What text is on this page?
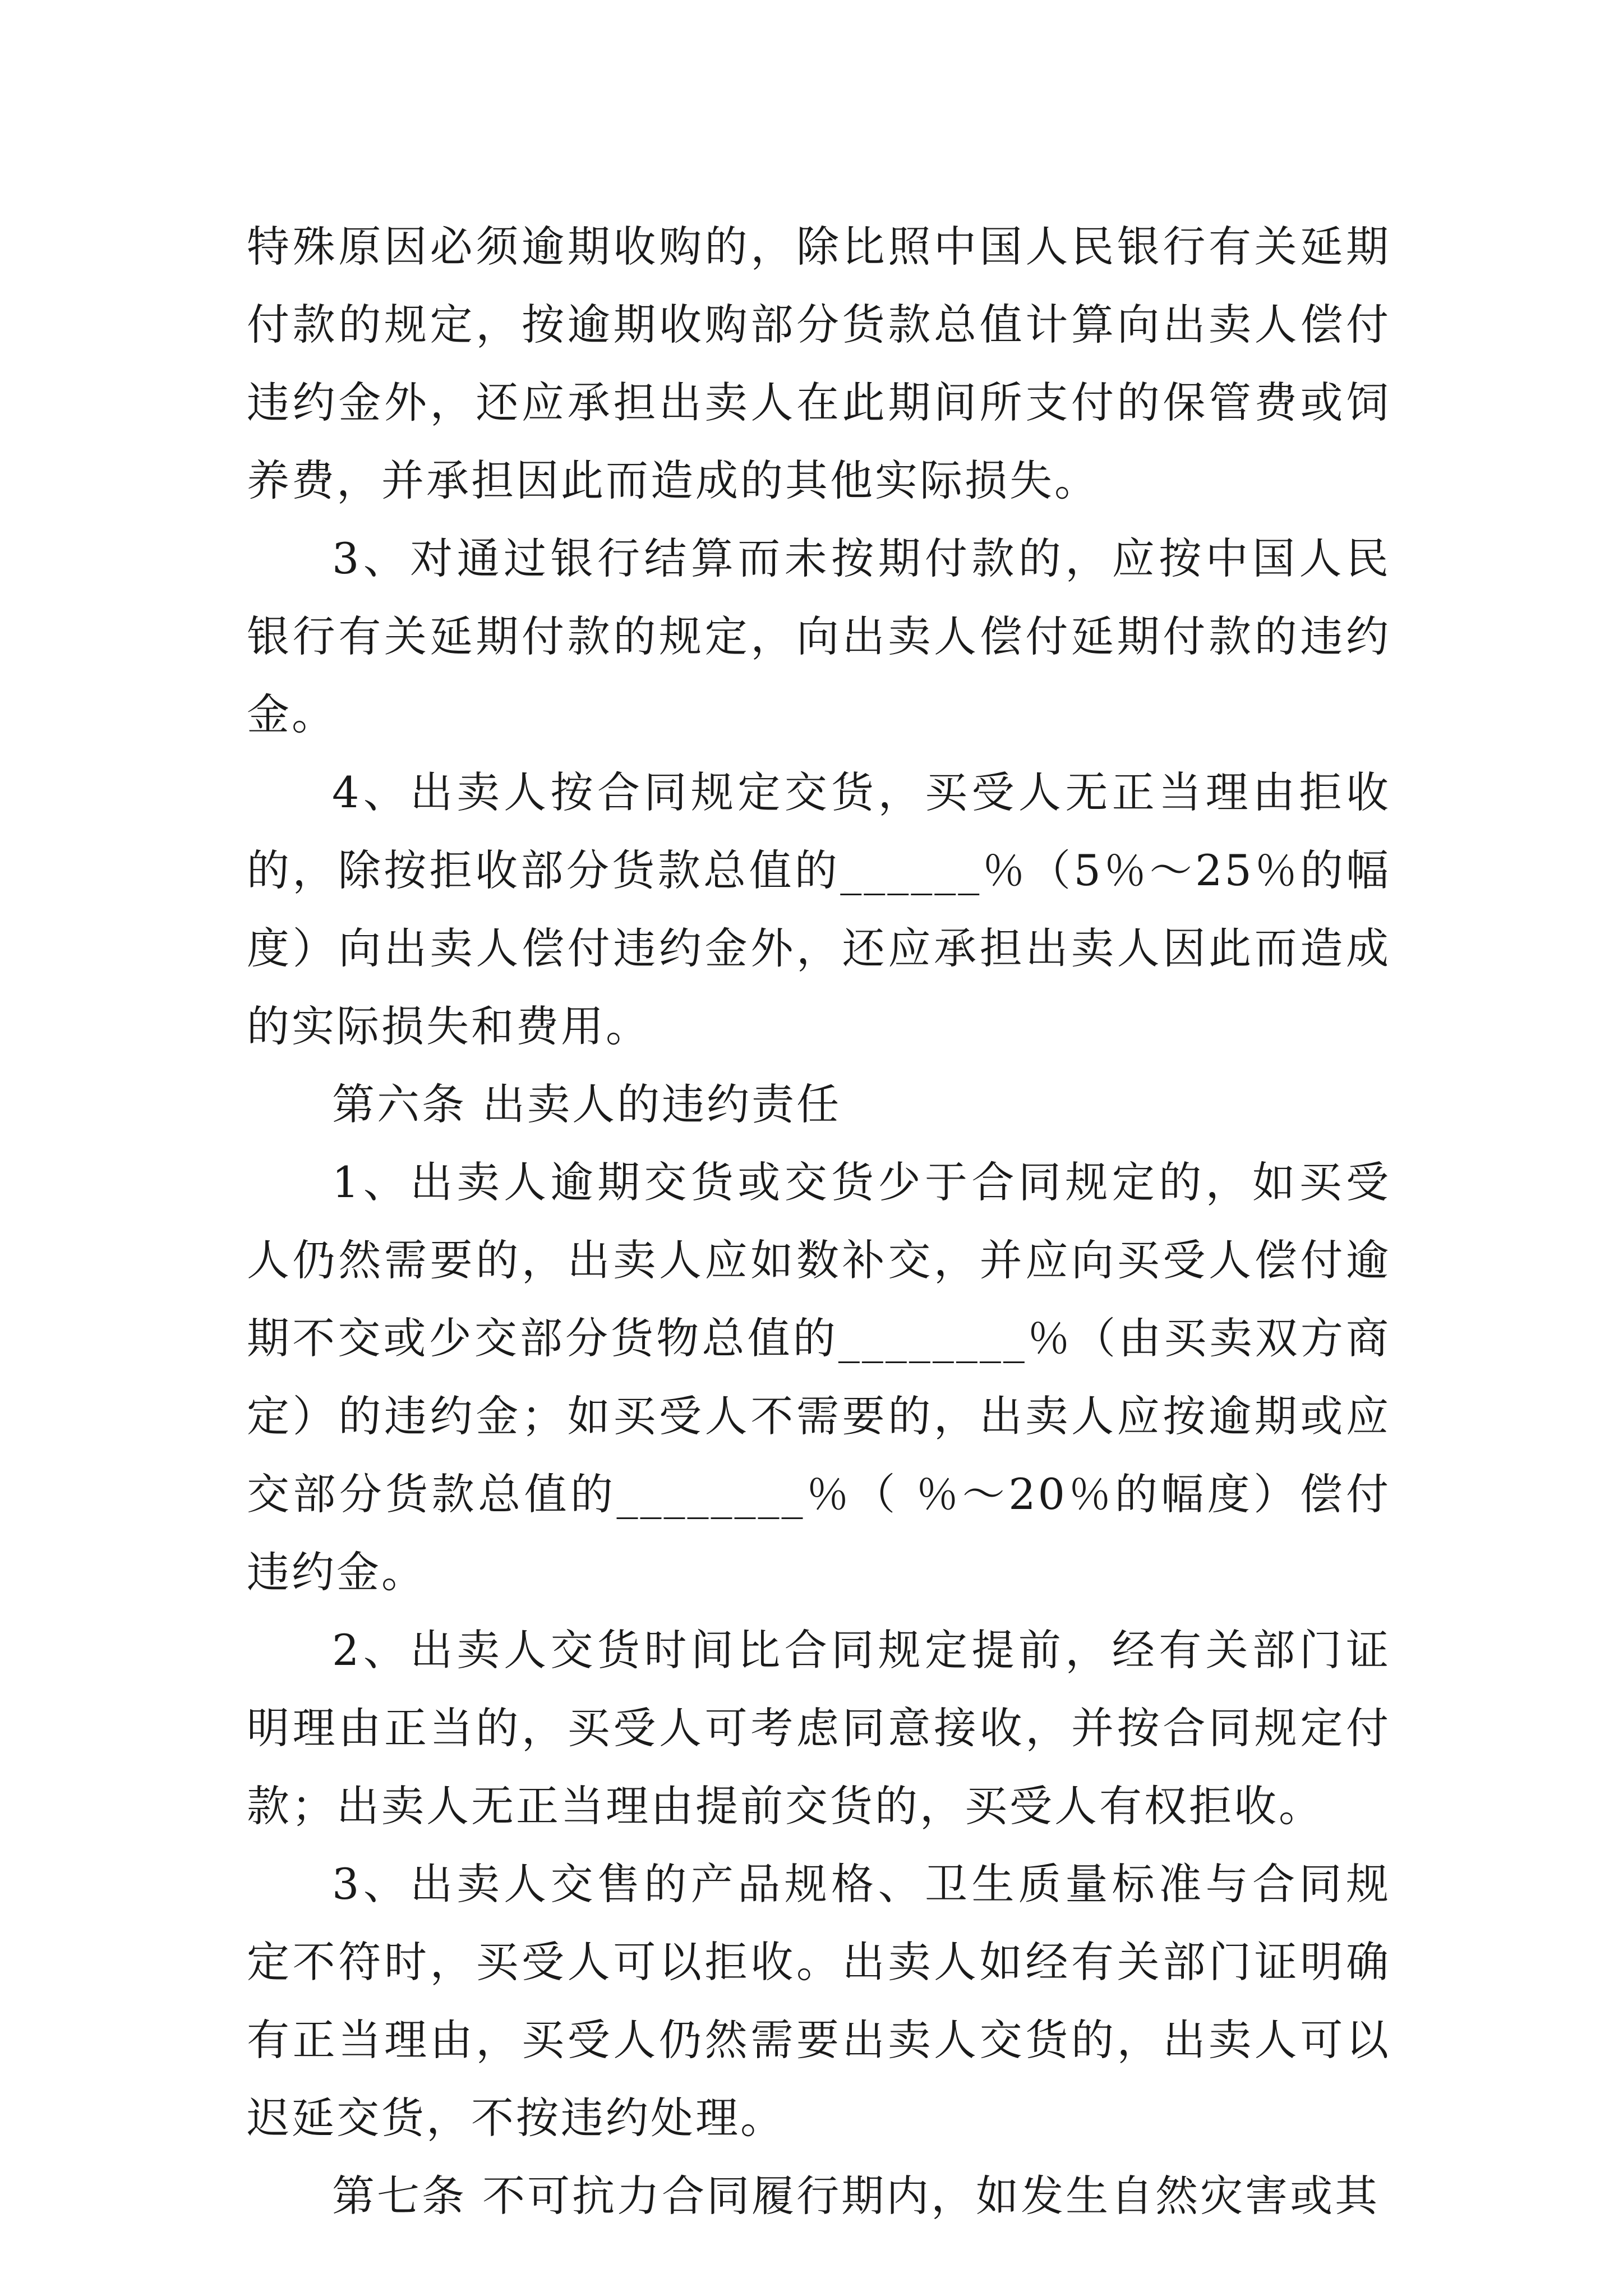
特殊原因必须逾期收购的，除比照中国人民银行有关延期付款的规定，按逾期收购部分货款总值计算向出卖人偿付违约金外，还应承担出卖人在此期间所支付的保管费或饲养费，并承担因此而造成的其他实际损失。

3、对通过银行结算而未按期付款的，应按中国人民银行有关延期付款的规定，向出卖人偿付延期付款的违约金。

4、出卖人按合同规定交货，买受人无正当理由拒收的，除按拒收部分货款总值的______％（5％～25％的幅度）向出卖人偿付违约金外，还应承担出卖人因此而造成的实际损失和费用。

第六条 出卖人的违约责任

1、出卖人逾期交货或交货少于合同规定的，如买受人仍然需要的，出卖人应如数补交，并应向买受人偿付逾期不交或少交部分货物总值的________％（由买卖双方商定）的违约金；如买受人不需要的，出卖人应按逾期或应交部分货款总值的________％（ ％～20％的幅度）偿付违约金。

2、出卖人交货时间比合同规定提前，经有关部门证明理由正当的，买受人可考虑同意接收，并按合同规定付款；出卖人无正当理由提前交货的，买受人有权拒收。

3、出卖人交售的产品规格、卫生质量标准与合同规定不符时，买受人可以拒收。出卖人如经有关部门证明确有正当理由，买受人仍然需要出卖人交货的，出卖人可以迟延交货，不按违约处理。

第七条 不可抗力合同履行期内，如发生自然灾害或其
